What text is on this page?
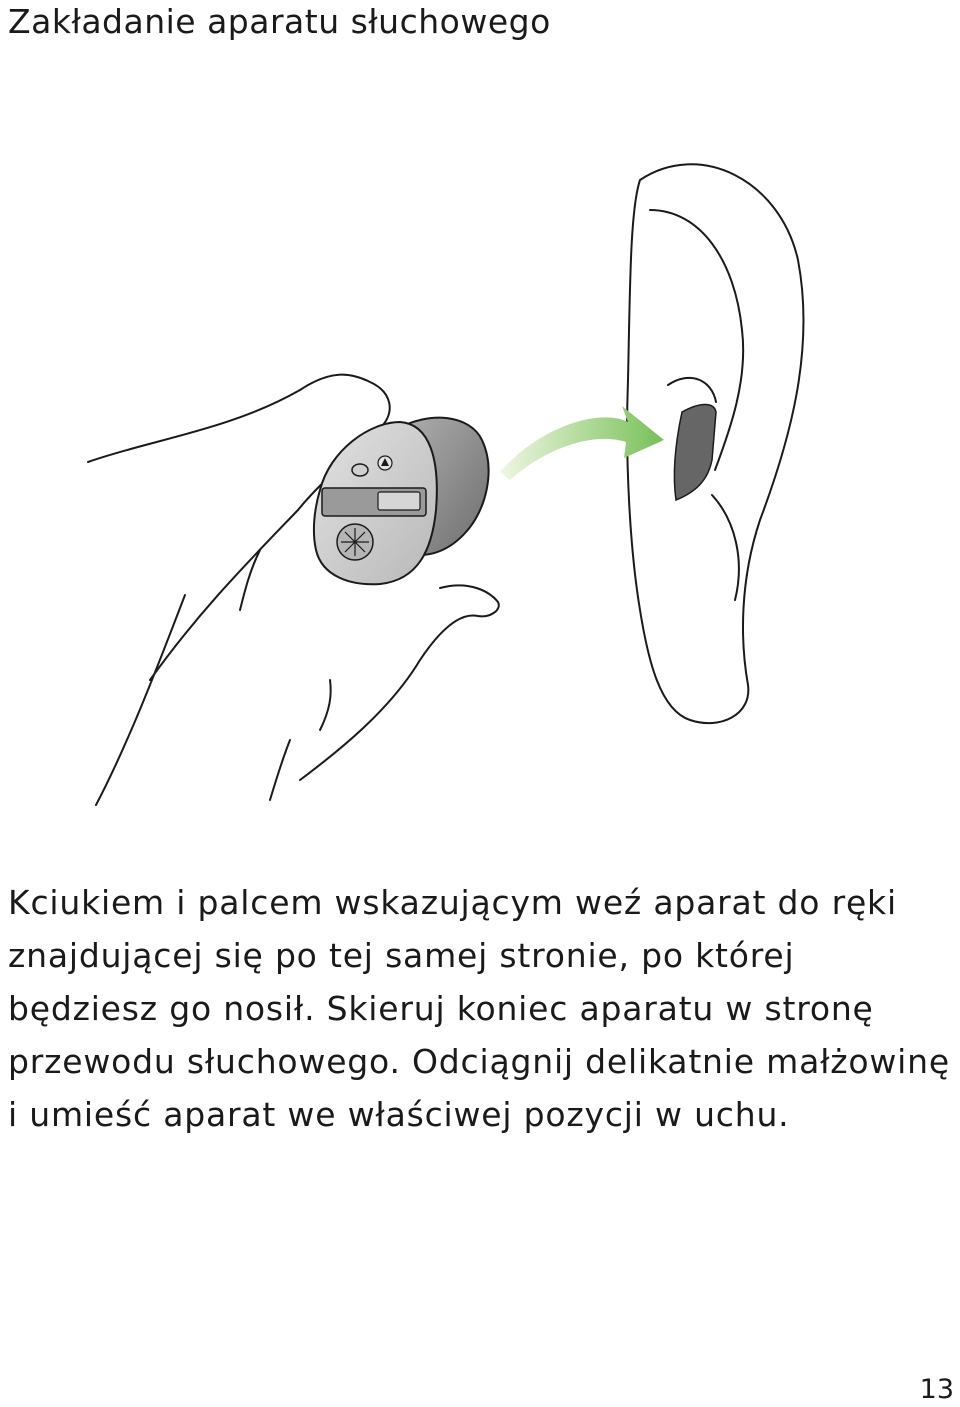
Zakładanie aparatu słuchowego

Kciukiem i palcem wskazującym weź aparat do ręki znajdującej się po tej samej stronie, po której będziesz go nosił. Skieruj koniec aparatu w stronę przewodu słuchowego. Odciągnij delikatnie małżowinę i umieść aparat we właściwej pozycji w uchu.

13
